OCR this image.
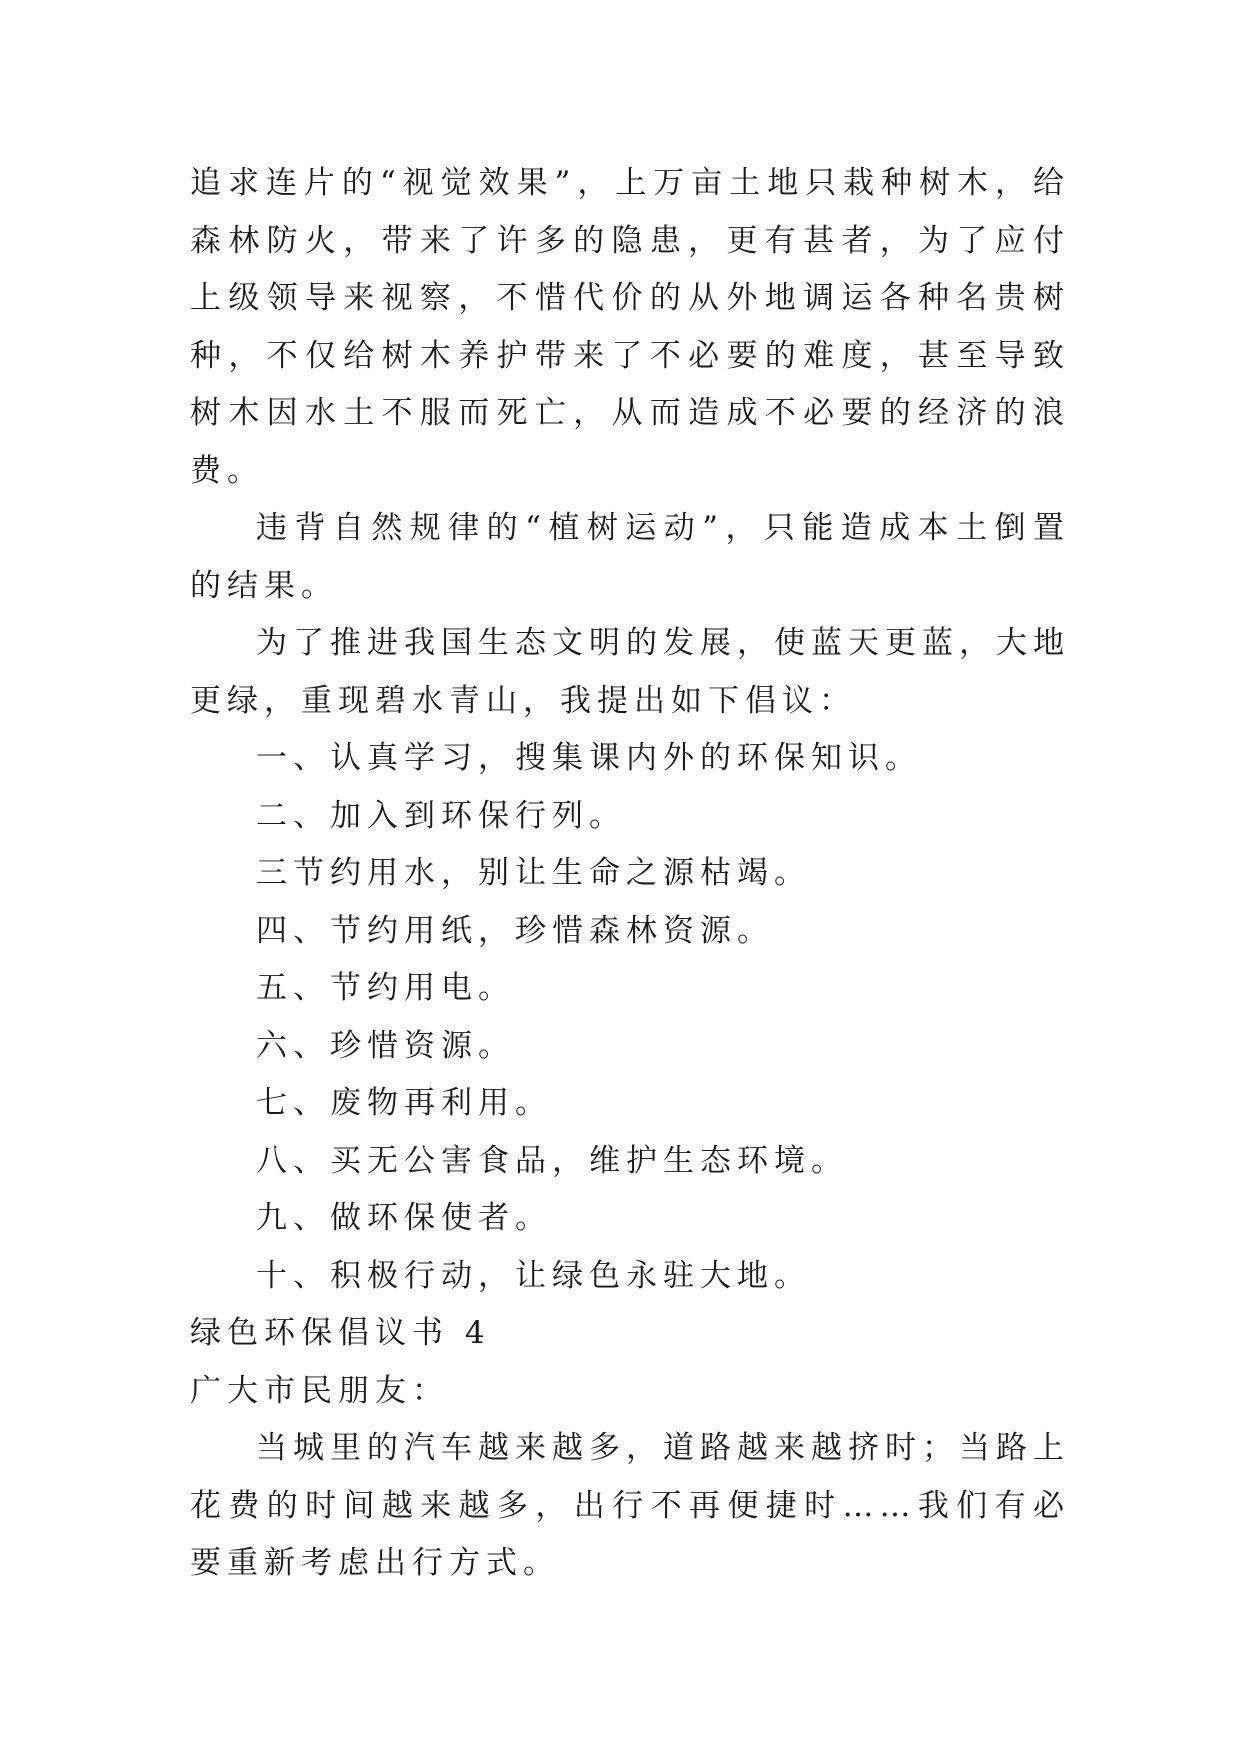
追求连片的“视觉效果”，上万亩土地只栽种树木，给森林防火，带来了许多的隐患，更有甚者，为了应付上级领导来视察，不惜代价的从外地调运各种名贵树种，不仅给树木养护带来了不必要的难度，甚至导致树木因水土不服而死亡，从而造成不必要的经济的浪费。

违背自然规律的“植树运动”，只能造成本土倒置的结果。

为了推进我国生态文明的发展，使蓝天更蓝，大地更绿，重现碧水青山，我提出如下倡议：

一、认真学习，搜集课内外的环保知识。

二、加入到环保行列。

三节约用水，别让生命之源枯竭。

四、节约用纸，珍惜森林资源。

五、节约用电。

六、珍惜资源。

七、废物再利用。

八、买无公害食品，维护生态环境。

九、做环保使者。

十、积极行动，让绿色永驻大地。

绿色环保倡议书 4

广大市民朋友：

当城里的汽车越来越多，道路越来越挤时；当路上花费的时间越来越多，出行不再便捷时……我们有必要重新考虑出行方式。
